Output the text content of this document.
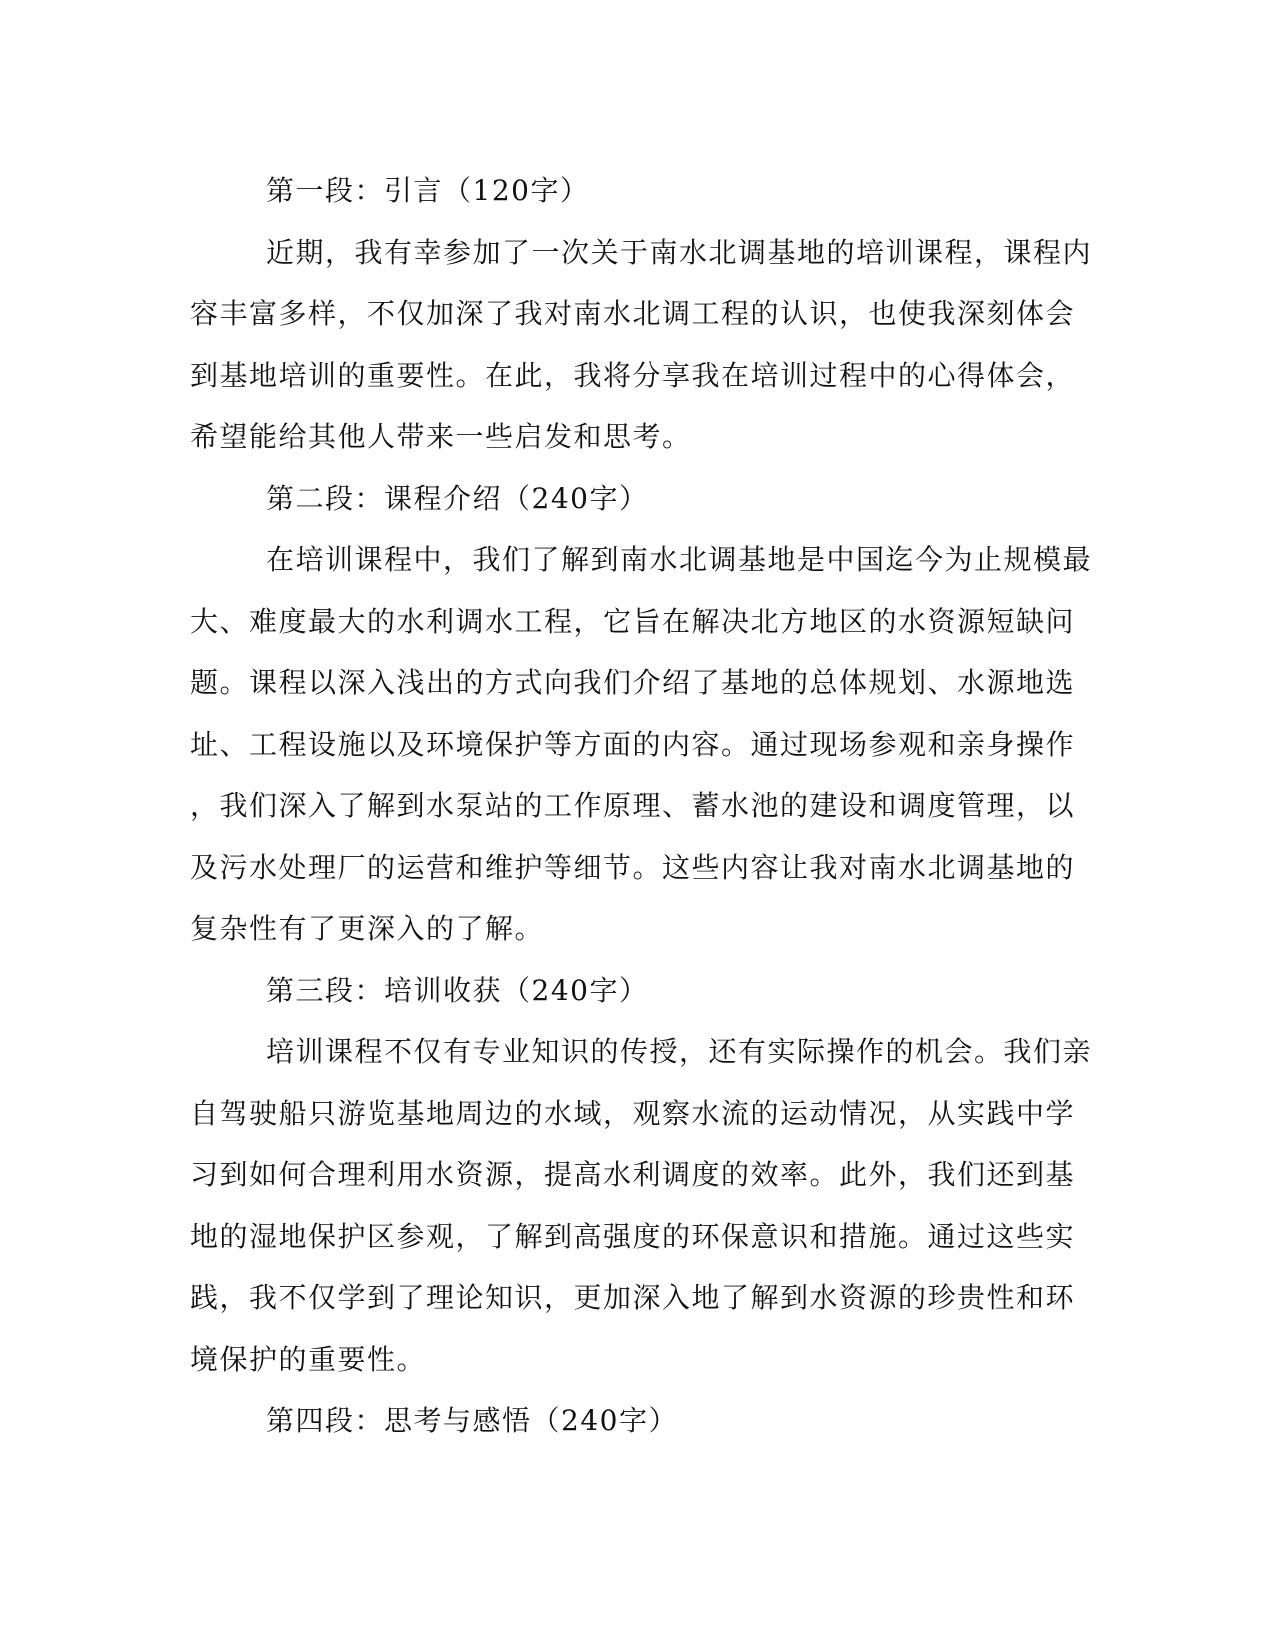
第一段：引言（120字）
近期，我有幸参加了一次关于南水北调基地的培训课程，课程内
容丰富多样，不仅加深了我对南水北调工程的认识，也使我深刻体会
到基地培训的重要性。在此，我将分享我在培训过程中的心得体会，
希望能给其他人带来一些启发和思考。
第二段：课程介绍（240字）
在培训课程中，我们了解到南水北调基地是中国迄今为止规模最
大、难度最大的水利调水工程，它旨在解决北方地区的水资源短缺问
题。课程以深入浅出的方式向我们介绍了基地的总体规划、水源地选
址、工程设施以及环境保护等方面的内容。通过现场参观和亲身操作
，我们深入了解到水泵站的工作原理、蓄水池的建设和调度管理，以
及污水处理厂的运营和维护等细节。这些内容让我对南水北调基地的
复杂性有了更深入的了解。
第三段：培训收获（240字）
培训课程不仅有专业知识的传授，还有实际操作的机会。我们亲
自驾驶船只游览基地周边的水域，观察水流的运动情况，从实践中学
习到如何合理利用水资源，提高水利调度的效率。此外，我们还到基
地的湿地保护区参观，了解到高强度的环保意识和措施。通过这些实
践，我不仅学到了理论知识，更加深入地了解到水资源的珍贵性和环
境保护的重要性。
第四段：思考与感悟（240字）
